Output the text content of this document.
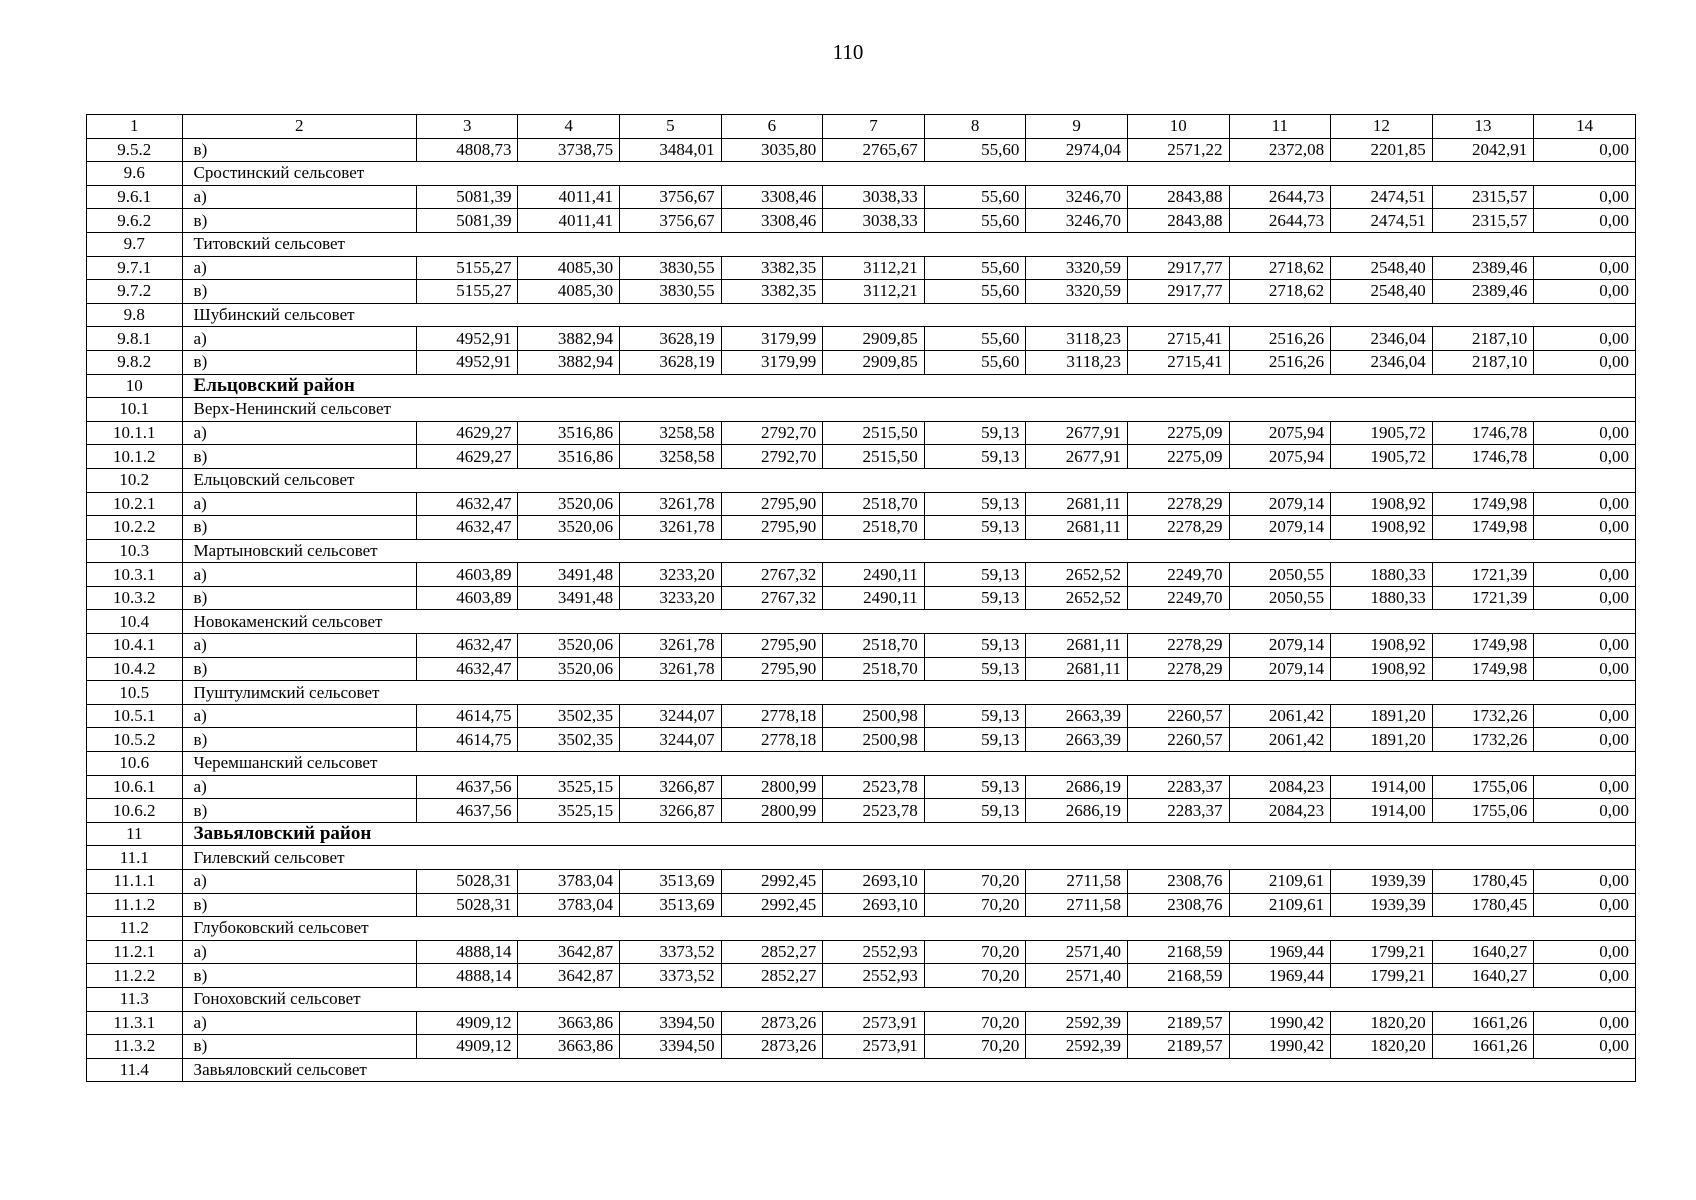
110
1	2	3	4	5	6	7	8	9	10	11	12	13	14
9.5.2	в)	4808,73	3738,75	3484,01	3035,80	2765,67	55,60	2974,04	2571,22	2372,08	2201,85	2042,91	0,00
9.6	Сростинский сельсовет												
9.6.1	а)	5081,39	4011,41	3756,67	3308,46	3038,33	55,60	3246,70	2843,88	2644,73	2474,51	2315,57	0,00
9.6.2	в)	5081,39	4011,41	3756,67	3308,46	3038,33	55,60	3246,70	2843,88	2644,73	2474,51	2315,57	0,00
9.7	Титовский сельсовет												
9.7.1	а)	5155,27	4085,30	3830,55	3382,35	3112,21	55,60	3320,59	2917,77	2718,62	2548,40	2389,46	0,00
9.7.2	в)	5155,27	4085,30	3830,55	3382,35	3112,21	55,60	3320,59	2917,77	2718,62	2548,40	2389,46	0,00
9.8	Шубинский сельсовет												
9.8.1	а)	4952,91	3882,94	3628,19	3179,99	2909,85	55,60	3118,23	2715,41	2516,26	2346,04	2187,10	0,00
9.8.2	в)	4952,91	3882,94	3628,19	3179,99	2909,85	55,60	3118,23	2715,41	2516,26	2346,04	2187,10	0,00
10	Ельцовский район												
10.1	Верх-Ненинский сельсовет												
10.1.1	а)	4629,27	3516,86	3258,58	2792,70	2515,50	59,13	2677,91	2275,09	2075,94	1905,72	1746,78	0,00
10.1.2	в)	4629,27	3516,86	3258,58	2792,70	2515,50	59,13	2677,91	2275,09	2075,94	1905,72	1746,78	0,00
10.2	Ельцовский сельсовет												
10.2.1	а)	4632,47	3520,06	3261,78	2795,90	2518,70	59,13	2681,11	2278,29	2079,14	1908,92	1749,98	0,00
10.2.2	в)	4632,47	3520,06	3261,78	2795,90	2518,70	59,13	2681,11	2278,29	2079,14	1908,92	1749,98	0,00
10.3	Мартыновский сельсовет												
10.3.1	а)	4603,89	3491,48	3233,20	2767,32	2490,11	59,13	2652,52	2249,70	2050,55	1880,33	1721,39	0,00
10.3.2	в)	4603,89	3491,48	3233,20	2767,32	2490,11	59,13	2652,52	2249,70	2050,55	1880,33	1721,39	0,00
10.4	Новокаменский сельсовет												
10.4.1	а)	4632,47	3520,06	3261,78	2795,90	2518,70	59,13	2681,11	2278,29	2079,14	1908,92	1749,98	0,00
10.4.2	в)	4632,47	3520,06	3261,78	2795,90	2518,70	59,13	2681,11	2278,29	2079,14	1908,92	1749,98	0,00
10.5	Пуштулимский сельсовет												
10.5.1	а)	4614,75	3502,35	3244,07	2778,18	2500,98	59,13	2663,39	2260,57	2061,42	1891,20	1732,26	0,00
10.5.2	в)	4614,75	3502,35	3244,07	2778,18	2500,98	59,13	2663,39	2260,57	2061,42	1891,20	1732,26	0,00
10.6	Черемшанский сельсовет												
10.6.1	а)	4637,56	3525,15	3266,87	2800,99	2523,78	59,13	2686,19	2283,37	2084,23	1914,00	1755,06	0,00
10.6.2	в)	4637,56	3525,15	3266,87	2800,99	2523,78	59,13	2686,19	2283,37	2084,23	1914,00	1755,06	0,00
11	Завьяловский район												
11.1	Гилевский сельсовет												
11.1.1	а)	5028,31	3783,04	3513,69	2992,45	2693,10	70,20	2711,58	2308,76	2109,61	1939,39	1780,45	0,00
11.1.2	в)	5028,31	3783,04	3513,69	2992,45	2693,10	70,20	2711,58	2308,76	2109,61	1939,39	1780,45	0,00
11.2	Глубоковский сельсовет												
11.2.1	а)	4888,14	3642,87	3373,52	2852,27	2552,93	70,20	2571,40	2168,59	1969,44	1799,21	1640,27	0,00
11.2.2	в)	4888,14	3642,87	3373,52	2852,27	2552,93	70,20	2571,40	2168,59	1969,44	1799,21	1640,27	0,00
11.3	Гоноховский сельсовет												
11.3.1	а)	4909,12	3663,86	3394,50	2873,26	2573,91	70,20	2592,39	2189,57	1990,42	1820,20	1661,26	0,00
11.3.2	в)	4909,12	3663,86	3394,50	2873,26	2573,91	70,20	2592,39	2189,57	1990,42	1820,20	1661,26	0,00
11.4	Завьяловский сельсовет												
